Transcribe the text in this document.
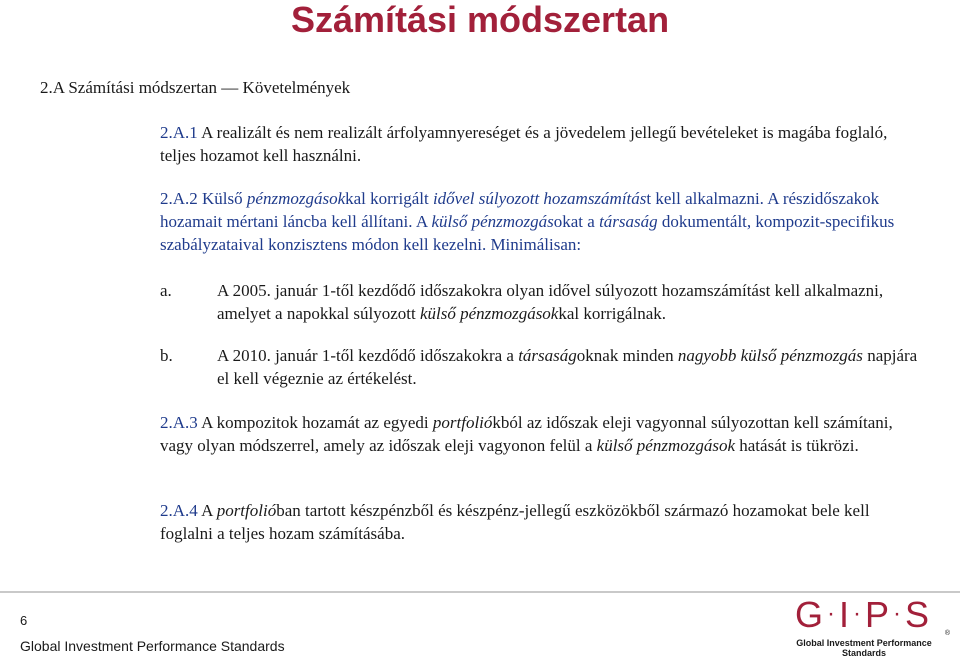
Számítási módszertan
2.A Számítási módszertan — Követelmények
2.A.1 A realizált és nem realizált árfolyamnyereséget és a jövedelem jellegű bevételeket is magába foglaló, teljes hozamot kell használni.
2.A.2 Külső pénzmozgásokkal korrigált idővel súlyozott hozamszámítást kell alkalmazni. A részidőszakok hozamait mértani láncba kell állítani. A külső pénzmozgásokat a társaság dokumentált, kompozit-specifikus szabályzataival konzisztens módon kell kezelni. Minimálisan:
a.	A 2005. január 1-től kezdődő időszakokra olyan idővel súlyozott hozamszámítást kell alkalmazni, amelyet a napokkal súlyozott külső pénzmozgásokkal korrigálnak.
b.	A 2010. január 1-től kezdődő időszakokra a társaságoknak minden nagyobb külső pénzmozgás napjára el kell végeznie az értékelést.
2.A.3 A kompozitok hozamát az egyedi portfoliókból az időszak eleji vagyonnal súlyozottan kell számítani, vagy olyan módszerrel, amely az időszak eleji vagyonon felül a külső pénzmozgások hatását is tükrözi.
2.A.4 A portfolióban tartott készpénzből és készpénz-jellegű eszközökből származó hozamokat bele kell foglalni a teljes hozam számításába.
6
Global Investment Performance Standards
G·I·P·S	®
Global Investment Performance Standards
